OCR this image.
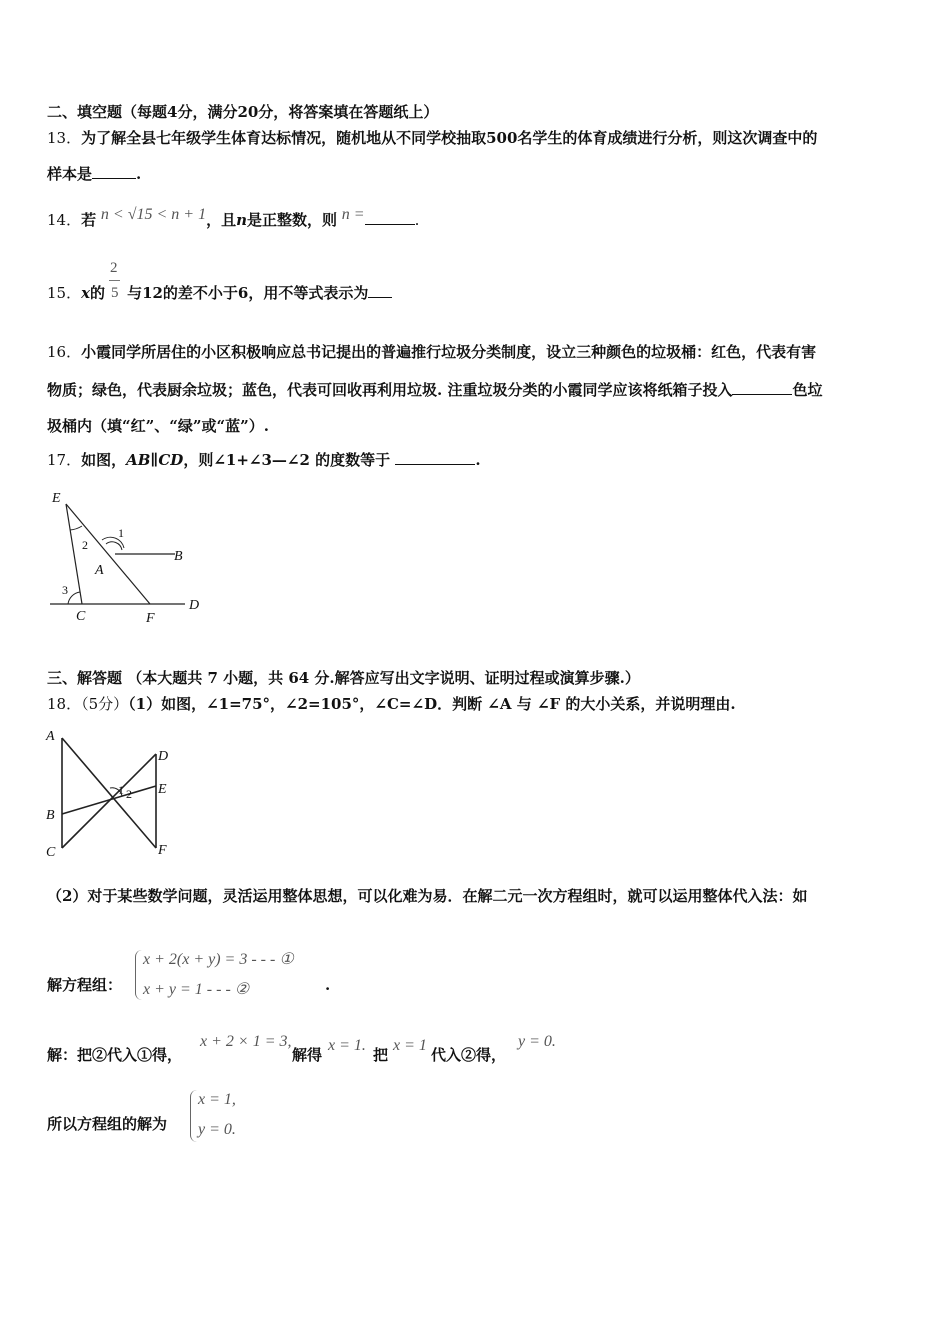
二、填空题（每题4分，满分20分，将答案填在答题纸上）
13．为了解全县七年级学生体育达标情况，随机地从不同学校抽取500名学生的体育成绩进行分析，则这次调查中的
样本是	.
14．若 n < √15 < n + 1，且n是正整数，则 n =	.
2
5
15．x的 与12的差不小于6，用不等式表示为
16．小霞同学所居住的小区积极响应总书记提出的普遍推行垃圾分类制度，设立三种颜色的垃圾桶：红色，代表有害
物质；绿色，代表厨余垃圾；蓝色，代表可回收再利用垃圾. 注重垃圾分类的小霞同学应该将纸箱子投入	色垃
圾桶内（填“红”、“绿”或“蓝”）.
17．如图，AB∥CD，则∠1+∠3—∠2 的度数等于	.
E
2
1
A
B
3
C	F
D
三、解答题 （本大题共 7 小题，共 64 分.解答应写出文字说明、证明过程或演算步骤.）
18．（5分）（1）如图，∠1=75°，∠2=105°，∠C=∠D．判断 ∠A 与 ∠F 的大小关系，并说明理由.
A
D
E
1 2
B
C	F
（2）对于某些数学问题，灵活运用整体思想，可以化难为易．在解二元一次方程组时，就可以运用整体代入法：如
解方程组：
x + 2(x + y) = 3 - - - ①
x + y = 1 - - - ②	.
解：把②代入①得，
x + 2 × 1 = 3,
解得
x = 1.
把
x = 1
代入②得，
y = 0.
所以方程组的解为
x = 1,
y = 0.
